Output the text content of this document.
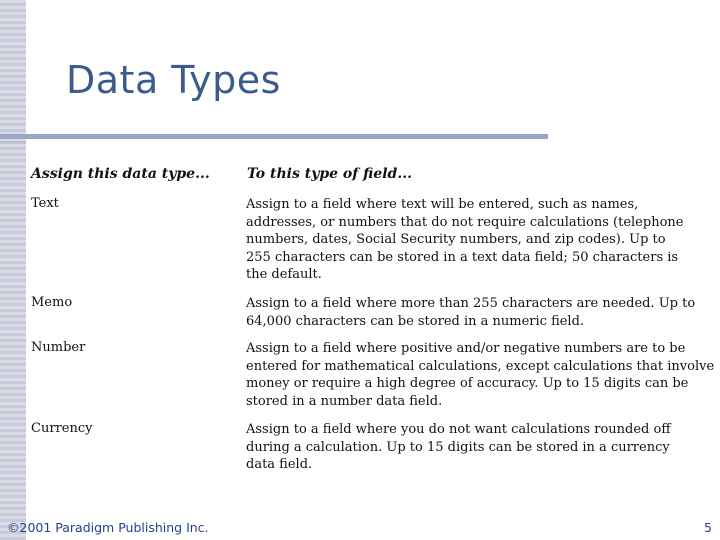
Data Types
Assign this data type...	To this type of field...
Text	Assign to a field where text will be entered, such as names,
addresses, or numbers that do not require calculations (telephone
numbers, dates, Social Security numbers, and zip codes). Up to
255 characters can be stored in a text data field; 50 characters is
the default.
Memo	Assign to a field where more than 255 characters are needed. Up to
64,000 characters can be stored in a numeric field.
Number	Assign to a field where positive and/or negative numbers are to be
entered for mathematical calculations, except calculations that involve
money or require a high degree of accuracy. Up to 15 digits can be
stored in a number data field.
Currency	Assign to a field where you do not want calculations rounded off
during a calculation. Up to 15 digits can be stored in a currency
data field.
©2001 Paradigm Publishing Inc.	5
